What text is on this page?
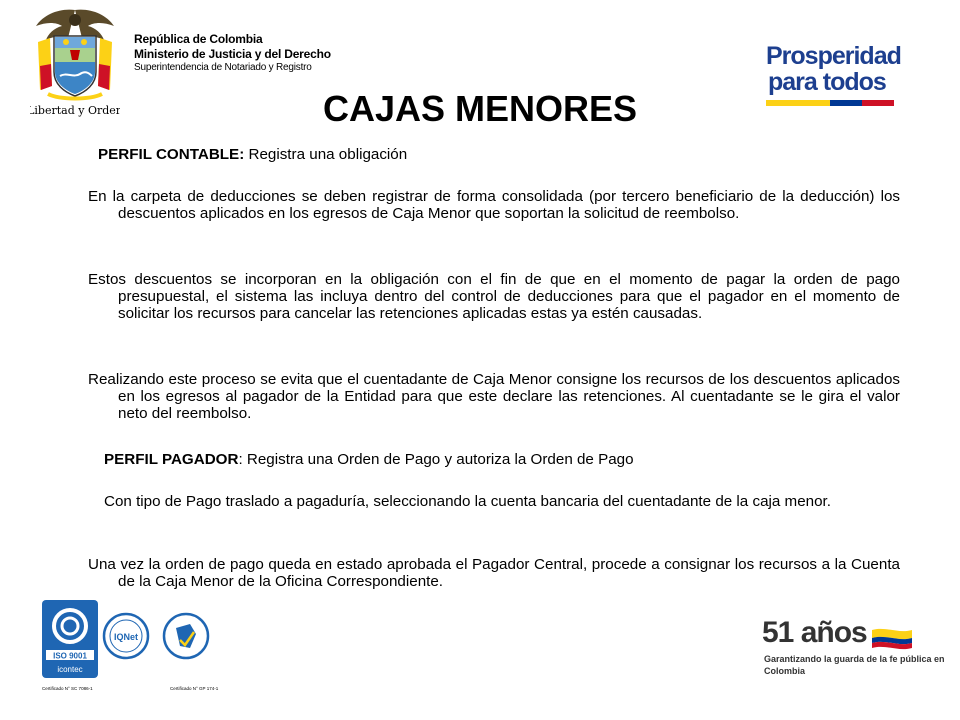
Libertad y Orden
República de Colombia
Ministerio de Justicia y del Derecho
Superintendencia de Notariado y Registro	Prosperidad
para todos
CAJAS MENORES
PERFIL CONTABLE: Registra una obligación
En la carpeta de deducciones se deben registrar de forma consolidada (por tercero beneficiario de la deducción) los descuentos aplicados en los egresos de Caja Menor que soportan la solicitud de reembolso.
Estos descuentos se incorporan en la obligación con el fin de que en el momento de pagar la orden de pago presupuestal, el sistema las incluya dentro del control de deducciones para que el pagador en el momento de solicitar los recursos para cancelar las retenciones aplicadas estas ya estén causadas.
Realizando este proceso se evita que el cuentadante de Caja Menor consigne los recursos de los descuentos aplicados en los egresos al pagador de la Entidad para que este declare las retenciones. Al cuentadante se le gira el valor neto del reembolso.
PERFIL PAGADOR: Registra una Orden de Pago y autoriza la Orden de Pago
Con tipo de Pago traslado a pagaduría, seleccionando la cuenta bancaria del cuentadante de la caja menor.
Una vez la orden de pago queda en estado aprobada el Pagador Central, procede a consignar los recursos a la Cuenta de la Caja Menor de la Oficina Correspondiente.
ISO 9001
icontec
Certificado N° SC 7086-1
IQNet
Certificado N° GP 174-1
51 años
Garantizando la guarda de la fe pública en
Colombia
